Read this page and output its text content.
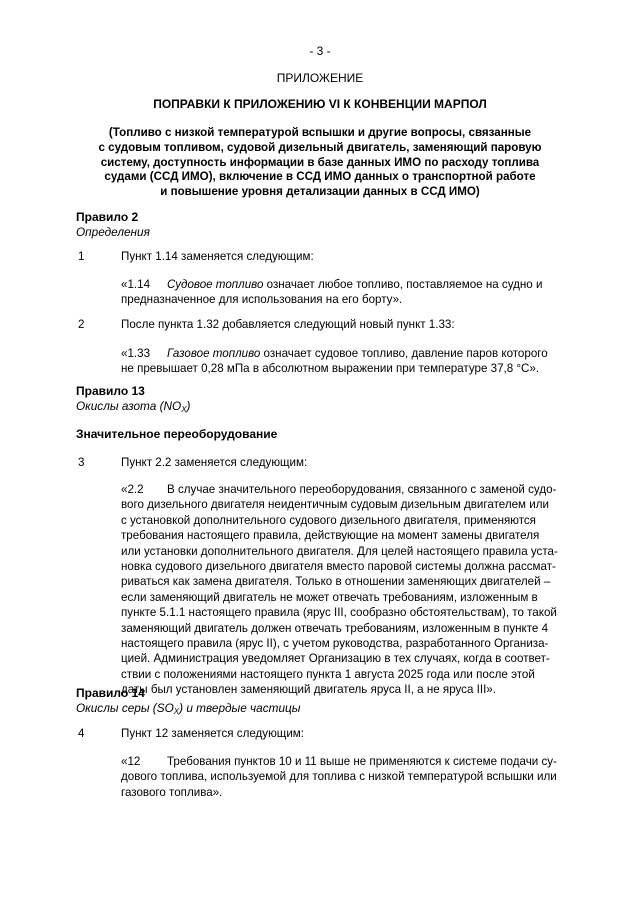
- 3 -
ПРИЛОЖЕНИЕ
ПОПРАВКИ К ПРИЛОЖЕНИЮ VI К КОНВЕНЦИИ МАРПОЛ
(Топливо с низкой температурой вспышки и другие вопросы, связанные
с судовым топливом, судовой дизельный двигатель, заменяющий паровую
систему, доступность информации в базе данных ИМО по расходу топлива
судами (ССД ИМО), включение в ССД ИМО данных о транспортной работе
и повышение уровня детализации данных в ССД ИМО)
Правило 2
Определения
1	Пункт 1.14 заменяется следующим:
«1.14 Судовое топливо означает любое топливо, поставляемое на судно и
предназначенное для использования на его борту».
2	После пункта 1.32 добавляется следующий новый пункт 1.33:
«1.33 Газовое топливо означает судовое топливо, давление паров которого
не превышает 0,28 мПа в абсолютном выражении при температуре 37,8 °C».
Правило 13
Окислы азота $(NO_X)$
Значительное переоборудование
3	Пункт 2.2 заменяется следующим:
«2.2 В случае значительного переоборудования, связанного с заменой судо-
вого дизельного двигателя неидентичным судовым дизельным двигателем или
с установкой дополнительного судового дизельного двигателя, применяются
требования настоящего правила, действующие на момент замены двигателя
или установки дополнительного двигателя. Для целей настоящего правила уста-
новка судового дизельного двигателя вместо паровой системы должна рассмат-
риваться как замена двигателя. Только в отношении заменяющих двигателей –
если заменяющий двигатель не может отвечать требованиям, изложенным в
пункте 5.1.1 настоящего правила (ярус III, сообразно обстоятельствам), то такой
заменяющий двигатель должен отвечать требованиям, изложенным в пункте 4
настоящего правила (ярус II), с учетом руководства, разработанного Организа-
цией. Администрация уведомляет Организацию в тех случаях, когда в соответ-
ствии с положениями настоящего пункта 1 августа 2025 года или после этой
даты был установлен заменяющий двигатель яруса II, а не яруса III».
Правило 14
Окислы серы $(SO_X)$ и твердые частицы
4	Пункт 12 заменяется следующим:
«12 Требования пунктов 10 и 11 выше не применяются к системе подачи су-
дового топлива, используемой для топлива с низкой температурой вспышки или
газового топлива».
